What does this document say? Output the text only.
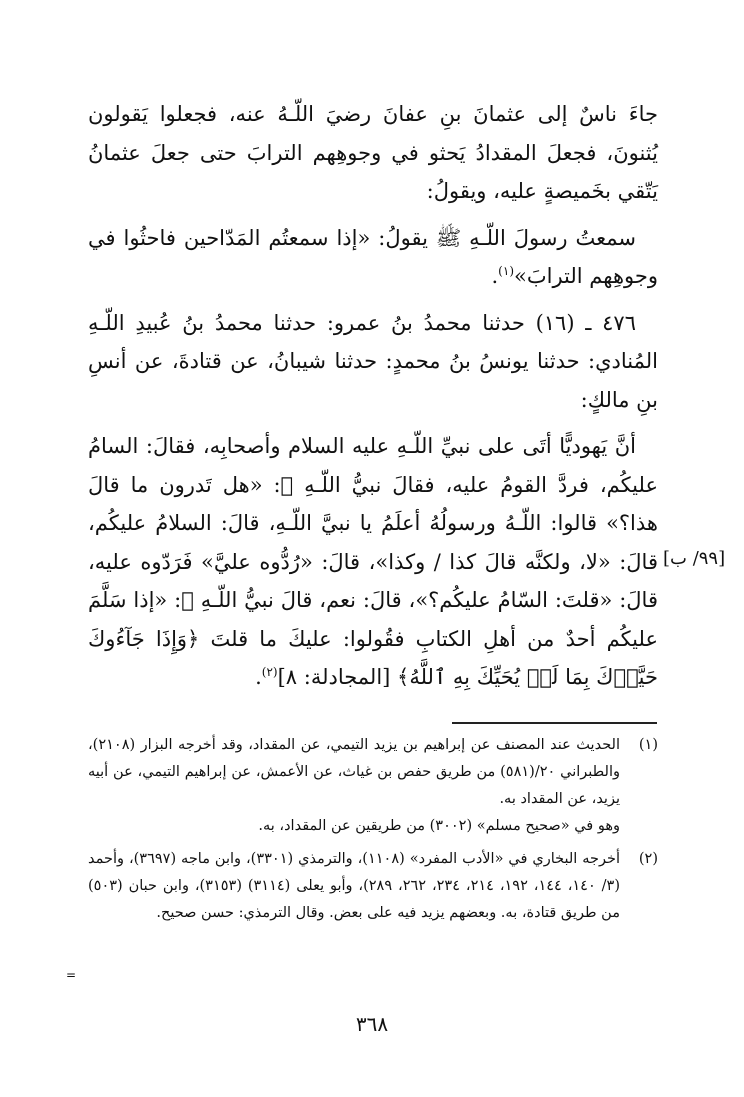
جاءَ ناسٌ إلى عثمانَ بنِ عفانَ رضيَ اللّـهُ عنه، فجعلوا يَقولون يُثنونَ، فجعلَ المقدادُ يَحثو في وجوهِهم الترابَ حتى جعلَ عثمانُ يَتّقي بخَميصةٍ عليه، ويقولُ:

سمعتُ رسولَ اللّـهِ ﷺ يقولُ: «إذا سمعتُم المَدّاحين فاحثُوا في وجوهِهم الترابَ»$^{(١)}$.

٤٧٦ ـ (١٦) حدثنا محمدُ بنُ عمرو: حدثنا محمدُ بنُ عُبيدِ اللّـهِ المُنادي: حدثنا يونسُ بنُ محمدٍ: حدثنا شيبانُ، عن قتادةَ، عن أنسِ بنِ مالكٍ:

أنَّ يَهوديًّا أتَى على نبيِّ اللّـهِ عليه السلام وأصحابِه، فقالَ: السامُ عليكُم، فردَّ القومُ عليه، فقالَ نبيُّ اللّـهِ ﷺ: «هل تَدرون ما قالَ هذا؟» قالوا: اللّـهُ ورسولُهُ أعلَمُ يا نبيَّ اللّـهِ، قالَ: السلامُ عليكُم، قالَ: «لا، ولكنَّه قالَ كذا / وكذا»، قالَ: «رُدُّوه عليَّ» فَرَدّوه عليه، قالَ: «قلتَ: السّامُ عليكُم؟»، قالَ: نعم، قالَ نبيُّ اللّـهِ ﷺ: «إذا سَلَّمَ عليكُم أحدٌ من أهلِ الكتابِ فقُولوا: عليكَ ما قلتَ ﴿وَإِذَا جَآءُوكَ حَيَّوۡكَ بِمَا لَمۡ يُحَيِّكَ بِهِ ٱللَّهُ﴾ [المجادلة: ٨]$^{(٢)}$.

[٩٩/ ب]
(١)

الحديث عند المصنف عن إبراهيم بن يزيد التيمي، عن المقداد، وقد أخرجه البزار (٢١٠٨)، والطبراني ٢٠/(٥٨١) من طريق حفص بن غياث، عن الأعمش، عن إبراهيم التيمي، عن أبيه يزيد، عن المقداد به.

وهو في «صحيح مسلم» (٣٠٠٢) من طريقين عن المقداد، به.

(٢)

أخرجه البخاري في «الأدب المفرد» (١١٠٨)، والترمذي (٣٣٠١)، وابن ماجه (٣٦٩٧)، وأحمد (٣/ ١٤٠، ١٤٤، ١٩٢، ٢١٤، ٢٣٤، ٢٦٢، ٢٨٩)، وأبو يعلى (٣١١٤) (٣١٥٣)، وابن حبان (٥٠٣) من طريق قتادة، به. وبعضهم يزيد فيه على بعض. وقال الترمذي: حسن صحيح.

=
٣٦٨
